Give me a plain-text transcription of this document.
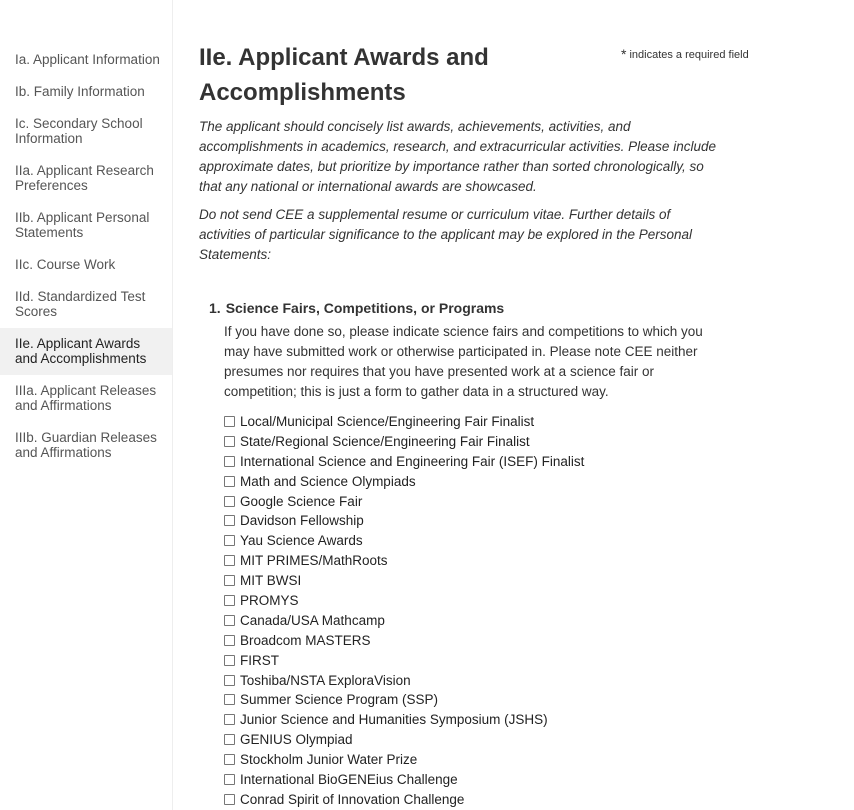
Ia. Applicant Information
Ib. Family Information
Ic. Secondary School Information
IIa. Applicant Research Preferences
IIb. Applicant Personal Statements
IIc. Course Work
IId. Standardized Test Scores
IIe. Applicant Awards and Accomplishments
IIIa. Applicant Releases and Affirmations
IIIb. Guardian Releases and Affirmations
* indicates a required field
IIe. Applicant Awards and Accomplishments

The applicant should concisely list awards, achievements, activities, and accomplishments in academics, research, and extracurricular activities. Please include approximate dates, but prioritize by importance rather than sorted chronologically, so that any national or international awards are showcased.

Do not send CEE a supplemental resume or curriculum vitae. Further details of activities of particular significance to the applicant may be explored in the Personal Statements:

1. Science Fairs, Competitions, or Programs
If you have done so, please indicate science fairs and competitions to which you may have submitted work or otherwise participated in. Please note CEE neither presumes nor requires that you have presented work at a science fair or competition; this is just a form to gather data in a structured way.
Local/Municipal Science/Engineering Fair Finalist
State/Regional Science/Engineering Fair Finalist
International Science and Engineering Fair (ISEF) Finalist
Math and Science Olympiads
Google Science Fair
Davidson Fellowship
Yau Science Awards
MIT PRIMES/MathRoots
MIT BWSI
PROMYS
Canada/USA Mathcamp
Broadcom MASTERS
FIRST
Toshiba/NSTA ExploraVision
Summer Science Program (SSP)
Junior Science and Humanities Symposium (JSHS)
GENIUS Olympiad
Stockholm Junior Water Prize
International BioGENEius Challenge
Conrad Spirit of Innovation Challenge
